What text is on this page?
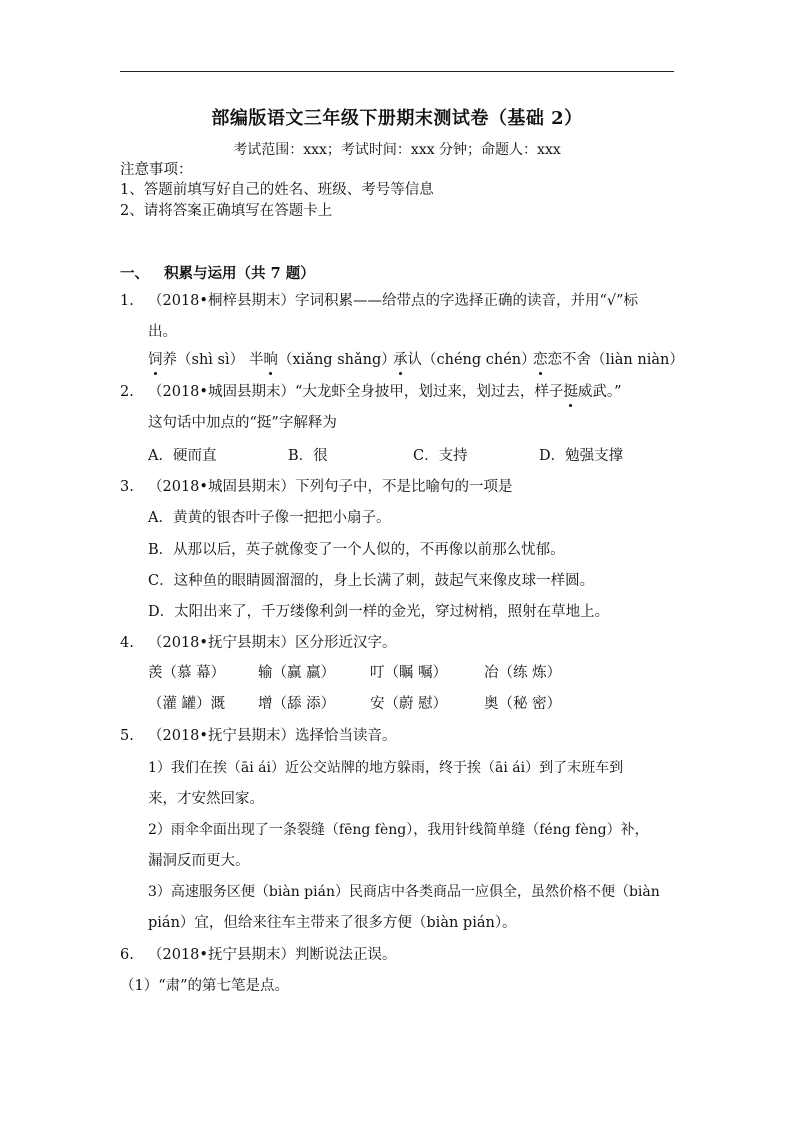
部编版语文三年级下册期末测试卷（基础 2）
考试范围：xxx；考试时间：xxx 分钟；命题人：xxx
注意事项：
1、答题前填写好自己的姓名、班级、考号等信息
2、请将答案正确填写在答题卡上
一、 积累与运用（共 7 题）
1. （2018•桐梓县期末）字词积累——给带点的字选择正确的读音，并用“√”标
出。
饲养（shì sì） 半晌（xiǎng shǎng）
承认（chéng chén）
恋恋不舍（liàn niàn）
2. （2018•城固县期末）“大龙虾全身披甲，划过来，划过去，样子挺威武。”
这句话中加点的“挺”字解释为
A．硬而直	B．很	C．支持	D．勉强支撑
3. （2018•城固县期末）下列句子中，不是比喻句的一项是
A．黄黄的银杏叶子像一把把小扇子。
B．从那以后，英子就像变了一个人似的，不再像以前那么忧郁。
C．这种鱼的眼睛圆溜溜的，身上长满了刺，鼓起气来像皮球一样圆。
D．太阳出来了，千万缕像利剑一样的金光，穿过树梢，照射在草地上。
4. （2018•抚宁县期末）区分形近汉字。
羡（慕 幕） 输（赢 羸） 叮（瞩 嘱）	冶（练 炼）
（灌 罐）溉 增（舔 添） 安（蔚 慰）	奥（秘 密）
5. （2018•抚宁县期末）选择恰当读音。
1）我们在挨（āi ái）近公交站牌的地方躲雨，终于挨（āi ái）到了末班车到
来，才安然回家。
2）雨伞伞面出现了一条裂缝（fēng fèng），我用针线简单缝（féng fèng）补，
漏洞反而更大。
3）高速服务区便（biàn pián）民商店中各类商品一应俱全，虽然价格不便（biàn
pián）宜，但给来往车主带来了很多方便（biàn pián）。
6. （2018•抚宁县期末）判断说法正误。
（1）“肃”的第七笔是点。
